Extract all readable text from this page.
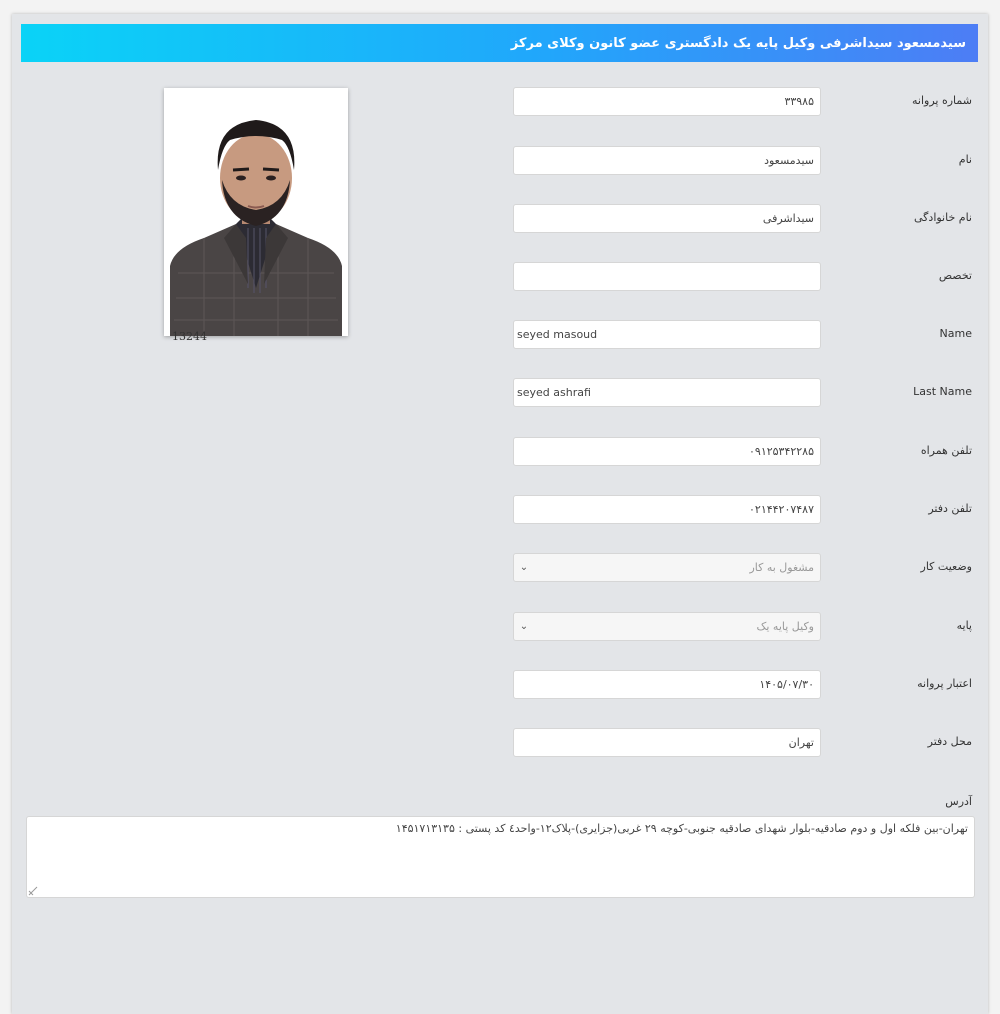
سیدمسعود سیداشرفی وکیل پایه یک دادگستری عضو کانون وکلای مرکز
13244
شماره پروانه
۳۳۹۸۵
نام
سیدمسعود
نام خانوادگی
سیداشرفی
تخصص
Name
seyed masoud
Last Name
seyed ashrafi
تلفن همراه
۰۹۱۲۵۳۴۲۲۸۵
تلفن دفتر
۰۲۱۴۴۲۰۷۴۸۷
وضعیت کار
مشغول به کار
⌄
پایه
وکیل پایه یک
⌄
اعتبار پروانه
۱۴۰۵/۰۷/۳۰
محل دفتر
تهران
آدرس
تهران-بین فلکه اول و دوم صادقیه-بلوار شهدای صادقیه جنوبی-کوچه ۲۹ غربی(جزایری)-پلاک۱۲-واحد٤ کد پستی : ۱۴۵۱۷۱۳۱۳۵
